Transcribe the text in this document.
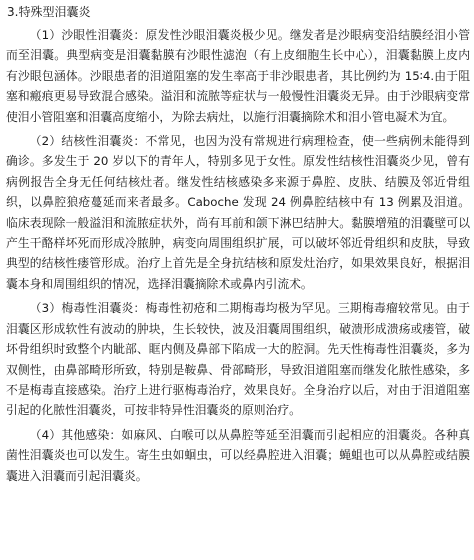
3.特殊型泪囊炎

（1）沙眼性泪囊炎：原发性沙眼泪囊炎极少见。继发者是沙眼病变沿结膜经泪小管而至泪囊。典型病变是泪囊黏膜有沙眼性滤泡（有上皮细胞生长中心），泪囊黏膜上皮内有沙眼包涵体。沙眼患者的泪道阻塞的发生率高于非沙眼患者，其比例约为 15∶4.由于阻塞和瘢痕更易导致混合感染。溢泪和流脓等症状与一般慢性泪囊炎无异。由于沙眼病变常使泪小管阻塞和泪囊高度缩小，为除去病灶，以施行泪囊摘除术和泪小管电凝术为宜。

（2）结核性泪囊炎：不常见，也因为没有常规进行病理检查，使一些病例未能得到确诊。多发生于 20 岁以下的青年人，特别多见于女性。原发性结核性泪囊炎少见，曾有病例报告全身无任何结核灶者。继发性结核感染多来源于鼻腔、皮肤、结膜及邻近骨组织，以鼻腔狼疮蔓延而来者最多。Caboche 发现 24 例鼻腔结核中有 13 例累及泪道。临床表现除一般溢泪和流脓症状外，尚有耳前和颌下淋巴结肿大。黏膜增殖的泪囊壁可以产生干酪样坏死而形成冷脓肿，病变向周围组织扩展，可以破坏邻近骨组织和皮肤，导致典型的结核性瘘管形成。治疗上首先是全身抗结核和原发灶治疗，如果效果良好，根据泪囊本身和周围组织的情况，选择泪囊摘除术或鼻内引流术。

（3）梅毒性泪囊炎：梅毒性初疮和二期梅毒均极为罕见。三期梅毒瘤较常见。由于泪囊区形成软性有波动的肿块，生长较快，波及泪囊周围组织，破溃形成溃疡或瘘管，破坏骨组织时致整个内眦部、眶内侧及鼻部下陷成一大的腔洞。先天性梅毒性泪囊炎，多为双侧性，由鼻部畸形所致，特别是鞍鼻、骨部畸形，导致泪道阻塞而继发化脓性感染，多不是梅毒直接感染。治疗上进行驱梅毒治疗，效果良好。全身治疗以后，对由于泪道阻塞引起的化脓性泪囊炎，可按非特异性泪囊炎的原则治疗。

（4）其他感染：如麻风、白喉可以从鼻腔等延至泪囊而引起相应的泪囊炎。各种真菌性泪囊炎也可以发生。寄生虫如蛔虫，可以经鼻腔进入泪囊；蝇蛆也可以从鼻腔或结膜囊进入泪囊而引起泪囊炎。
